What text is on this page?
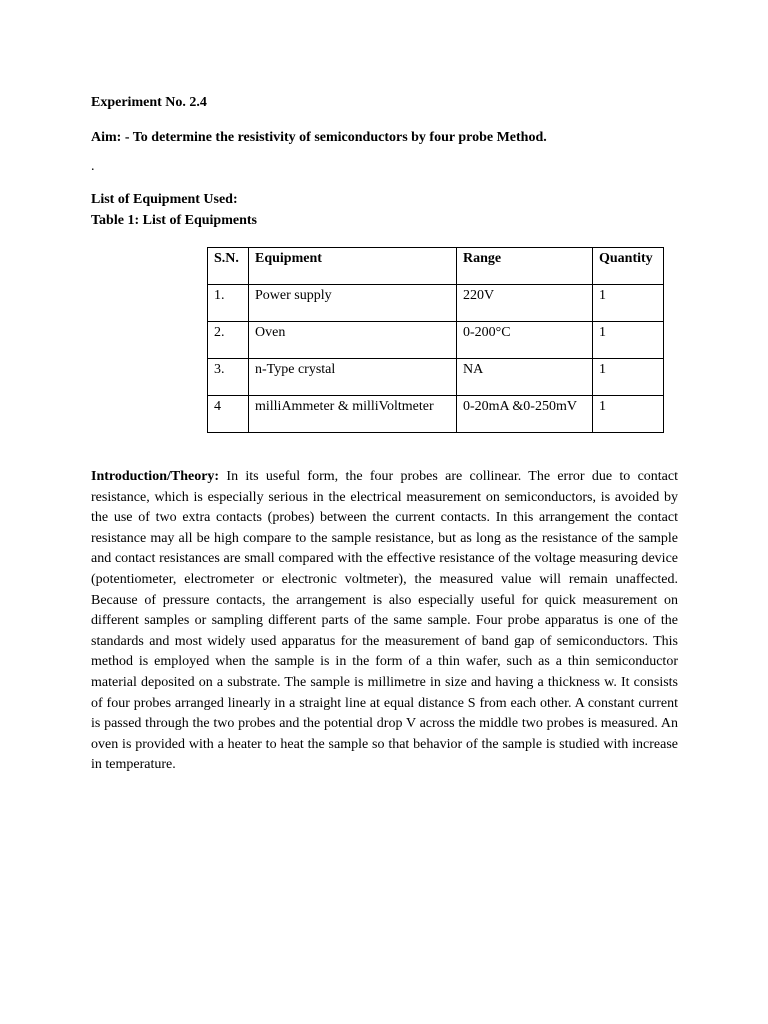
Experiment No. 2.4
Aim: - To determine the resistivity of semiconductors by four probe Method.
.
List of Equipment Used:
Table 1: List of Equipments
S.N.	Equipment	Range	Quantity
1.	Power supply	220V	1
2.	Oven	0-200°C	1
3.	n-Type crystal	NA	1
4	milliAmmeter & milliVoltmeter	0-20mA &0-250mV	1

Introduction/Theory: In its useful form, the four probes are collinear. The error due to contact resistance, which is especially serious in the electrical measurement on semiconductors, is avoided by the use of two extra contacts (probes) between the current contacts. In this arrangement the contact resistance may all be high compare to the sample resistance, but as long as the resistance of the sample and contact resistances are small compared with the effective resistance of the voltage measuring device (potentiometer, electrometer or electronic voltmeter), the measured value will remain unaffected. Because of pressure contacts, the arrangement is also especially useful for quick measurement on different samples or sampling different parts of the same sample. Four probe apparatus is one of the standards and most widely used apparatus for the measurement of band gap of semiconductors. This method is employed when the sample is in the form of a thin wafer, such as a thin semiconductor material deposited on a substrate. The sample is millimetre in size and having a thickness w. It consists of four probes arranged linearly in a straight line at equal distance S from each other. A constant current is passed through the two probes and the potential drop V across the middle two probes is measured. An oven is provided with a heater to heat the sample so that behavior of the sample is studied with increase in temperature.
